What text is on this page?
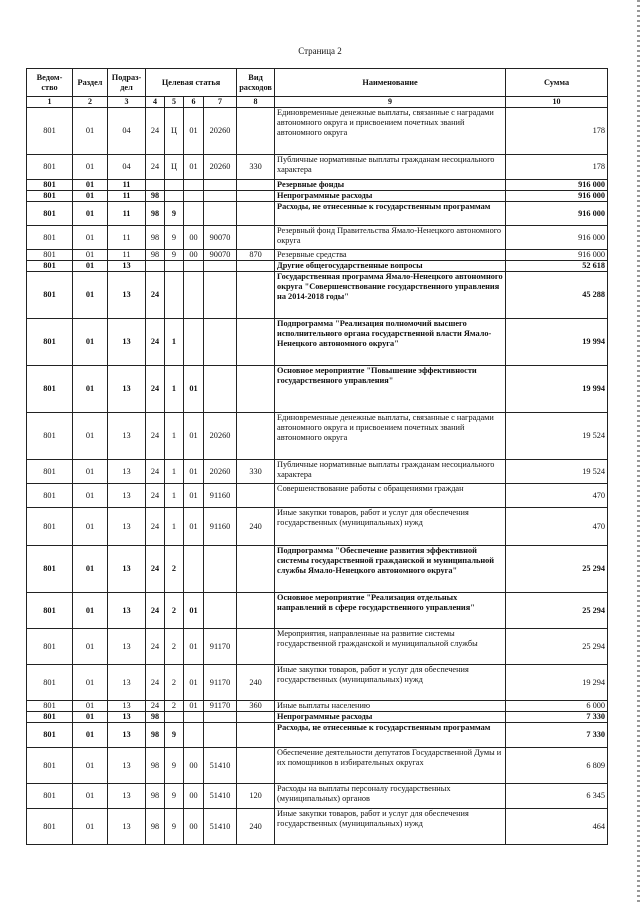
Страница 2
Ведом-ство	Раздел	Подраз-дел	Целевая статья				Вид расходов	Наименование	Сумма
1	2	3	4	5	6	7	8	9	10
801	01	04	24	Ц	01	20260		Единовременные денежные выплаты, связанные с наградами автономного округа и присвоением почетных званий автономного округа	178
801	01	04	24	Ц	01	20260	330	Публичные нормативные выплаты гражданам несоциального характера	178
801	01	11						Резервные фонды	916 000
801	01	11	98					Непрограммные расходы	916 000
801	01	11	98	9				Расходы, не отнесенные к государственным программам	916 000
801	01	11	98	9	00	90070		Резервный фонд Правительства Ямало-Ненецкого автономного округа	916 000
801	01	11	98	9	00	90070	870	Резервные средства	916 000
801	01	13						Другие общегосударственные вопросы	52 618
801	01	13	24					Государственная программа Ямало-Ненецкого автономного округа "Совершенствование государственного управления на 2014-2018 годы"	45 288
801	01	13	24	1				Подпрограмма "Реализация полномочий высшего исполнительного органа государственной власти Ямало-Ненецкого автономного округа"	19 994
801	01	13	24	1	01			Основное мероприятие "Повышение эффективности государственного управления"	19 994
801	01	13	24	1	01	20260		Единовременные денежные выплаты, связанные с наградами автономного округа и присвоением почетных званий автономного округа	19 524
801	01	13	24	1	01	20260	330	Публичные нормативные выплаты гражданам несоциального характера	19 524
801	01	13	24	1	01	91160		Совершенствование работы с обращениями граждан	470
801	01	13	24	1	01	91160	240	Иные закупки товаров, работ и услуг для обеспечения государственных (муниципальных) нужд	470
801	01	13	24	2				Подпрограмма "Обеспечение развития эффективной системы государственной гражданской и муниципальной службы Ямало-Ненецкого автономного округа"	25 294
801	01	13	24	2	01			Основное мероприятие "Реализация отдельных направлений в сфере государственного управления"	25 294
801	01	13	24	2	01	91170		Мероприятия, направленные на развитие системы государственной гражданской и муниципальной службы	25 294
801	01	13	24	2	01	91170	240	Иные закупки товаров, работ и услуг для обеспечения государственных (муниципальных) нужд	19 294
801	01	13	24	2	01	91170	360	Иные выплаты населению	6 000
801	01	13	98					Непрограммные расходы	7 330
801	01	13	98	9				Расходы, не отнесенные к государственным программам	7 330
801	01	13	98	9	00	51410		Обеспечение деятельности депутатов Государственной Думы и их помощников в избирательных округах	6 809
801	01	13	98	9	00	51410	120	Расходы на выплаты персоналу государственных (муниципальных) органов	6 345
801	01	13	98	9	00	51410	240	Иные закупки товаров, работ и услуг для обеспечения государственных (муниципальных) нужд	464
